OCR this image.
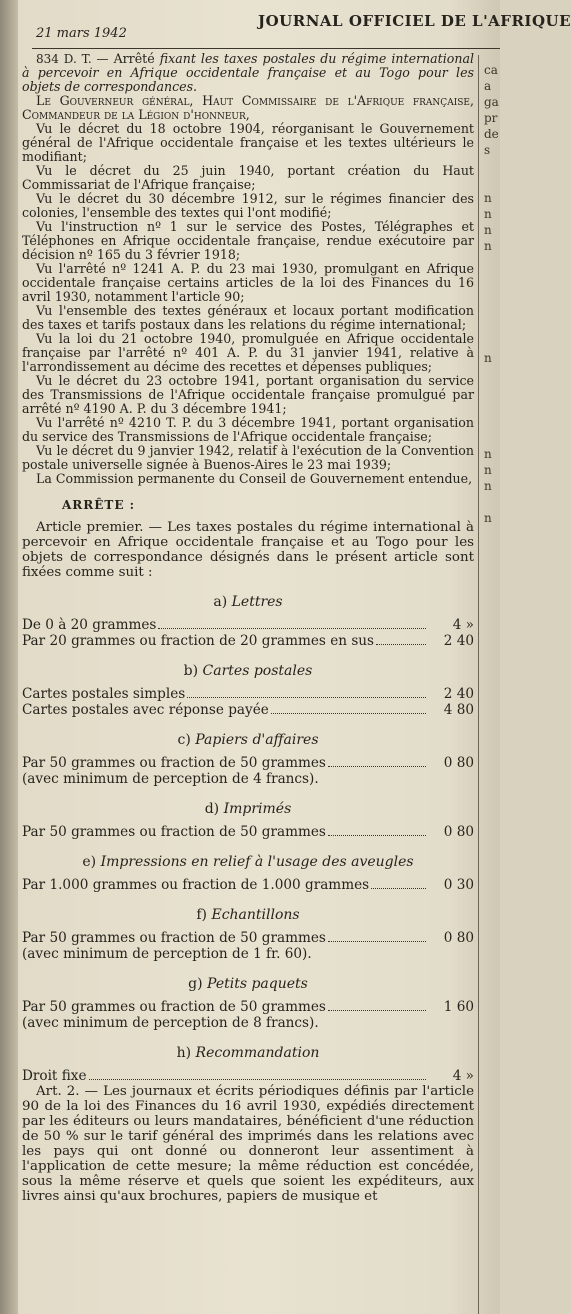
21 mars 1942
JOURNAL OFFICIEL DE L'AFRIQUE
ca
a
ga
pr
de
s
n
n
n
n
n
n
n
n
n

834 D. T. — Arrêté fixant les taxes postales du régime international à percevoir en Afrique occidentale française et au Togo pour les objets de correspondances.

Le Gouverneur général, Haut Commissaire de l'Afrique française, Commandeur de la Légion d'honneur,

Vu le décret du 18 octobre 1904, réorganisant le Gouvernement général de l'Afrique occidentale française et les textes ultérieurs le modifiant;

Vu le décret du 25 juin 1940, portant création du Haut Commissariat de l'Afrique française;

Vu le décret du 30 décembre 1912, sur le régimes financier des colonies, l'ensemble des textes qui l'ont modifié;

Vu l'instruction nº 1 sur le service des Postes, Télégraphes et Téléphones en Afrique occidentale française, rendue exécutoire par décision nº 165 du 3 février 1918;

Vu l'arrêté nº 1241 A. P. du 23 mai 1930, promulgant en Afrique occidentale française certains articles de la loi des Finances du 16 avril 1930, notamment l'article 90;

Vu l'ensemble des textes généraux et locaux portant modification des taxes et tarifs postaux dans les relations du régime international;

Vu la loi du 21 octobre 1940, promulguée en Afrique occidentale française par l'arrêté nº 401 A. P. du 31 janvier 1941, relative à l'arrondissement au décime des recettes et dépenses publiques;

Vu le décret du 23 octobre 1941, portant organisation du service des Transmissions de l'Afrique occidentale française promulgué par arrêté nº 4190 A. P. du 3 décembre 1941;

Vu l'arrêté nº 4210 T. P. du 3 décembre 1941, portant organisation du service des Transmissions de l'Afrique occidentale française;

Vu le décret du 9 janvier 1942, relatif à l'exécution de la Convention postale universelle signée à Buenos-Aires le 23 mai 1939;

La Commission permanente du Conseil de Gouvernement entendue,

ARRÊTE :

Article premier. — Les taxes postales du régime international à percevoir en Afrique occidentale française et au Togo pour les objets de correspondance désignés dans le présent article sont fixées comme suit :

a) Lettres
De 0 à 20 grammes	4 »
Par 20 grammes ou fraction de 20 grammes en sus	2 40
b) Cartes postales
Cartes postales simples	2 40
Cartes postales avec réponse payée	4 80
c) Papiers d'affaires
Par 50 grammes ou fraction de 50 grammes	0 80
(avec minimum de perception de 4 francs).
d) Imprimés
Par 50 grammes ou fraction de 50 grammes	0 80
e) Impressions en relief à l'usage des aveugles
Par 1.000 grammes ou fraction de 1.000 grammes	0 30
f) Echantillons
Par 50 grammes ou fraction de 50 grammes	0 80
(avec minimum de perception de 1 fr. 60).
g) Petits paquets
Par 50 grammes ou fraction de 50 grammes	1 60
(avec minimum de perception de 8 francs).
h) Recommandation
Droit fixe	4 »

Art. 2. — Les journaux et écrits périodiques définis par l'article 90 de la loi des Finances du 16 avril 1930, expédiés directement par les éditeurs ou leurs mandataires, bénéficient d'une réduction de 50 % sur le tarif général des imprimés dans les relations avec les pays qui ont donné ou donneront leur assentiment à l'application de cette mesure; la même réduction est concédée, sous la même réserve et quels que soient les expéditeurs, aux livres ainsi qu'aux brochures, papiers de musique et
